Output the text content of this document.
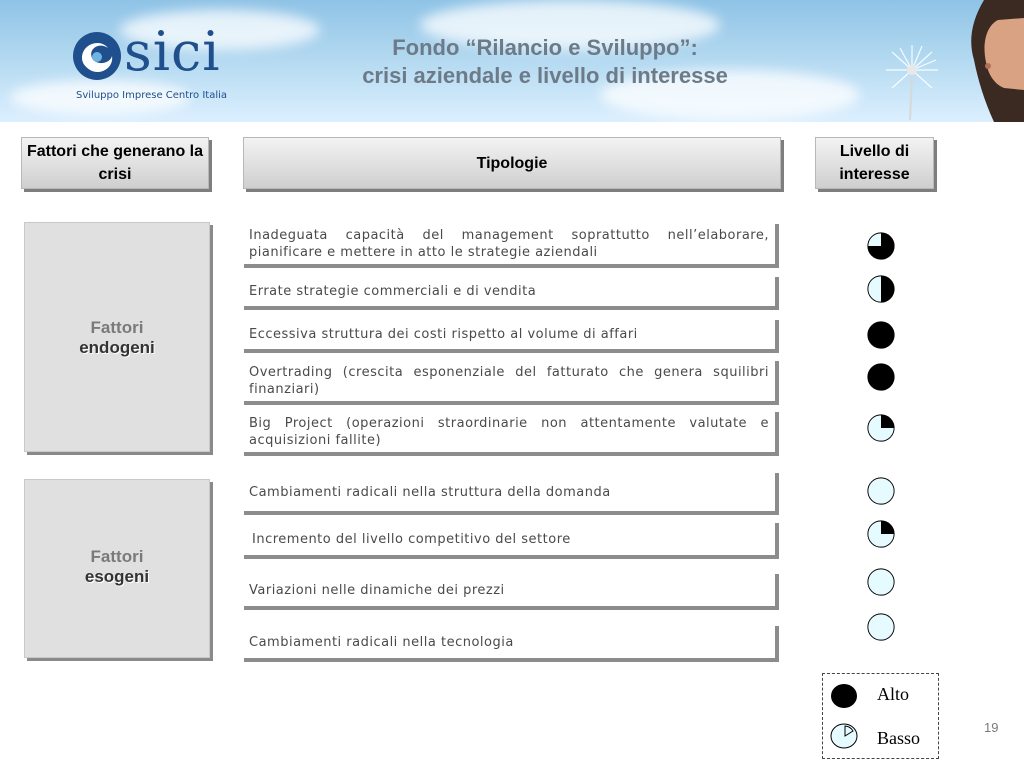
sici
Sviluppo Imprese Centro Italia
Fondo “Rilancio e Sviluppo”:
crisi aziendale e livello di interesse
Fattori che generano la crisi
Tipologie
Livello di interesse
Fattori
endogeni
Fattori
esogeni
Inadeguata capacità del management soprattutto nell’elaborare, pianificare e mettere in atto le strategie aziendali
Errate strategie commerciali e di vendita
Eccessiva struttura dei costi rispetto al volume di affari
Overtrading (crescita esponenziale del fatturato che genera squilibri finanziari)
Big Project (operazioni straordinarie non attentamente valutate e acquisizioni fallite)
Cambiamenti radicali nella struttura della domanda
Incremento del livello competitivo del settore
Variazioni nelle dinamiche dei prezzi
Cambiamenti radicali nella tecnologia
Alto
Basso
19
